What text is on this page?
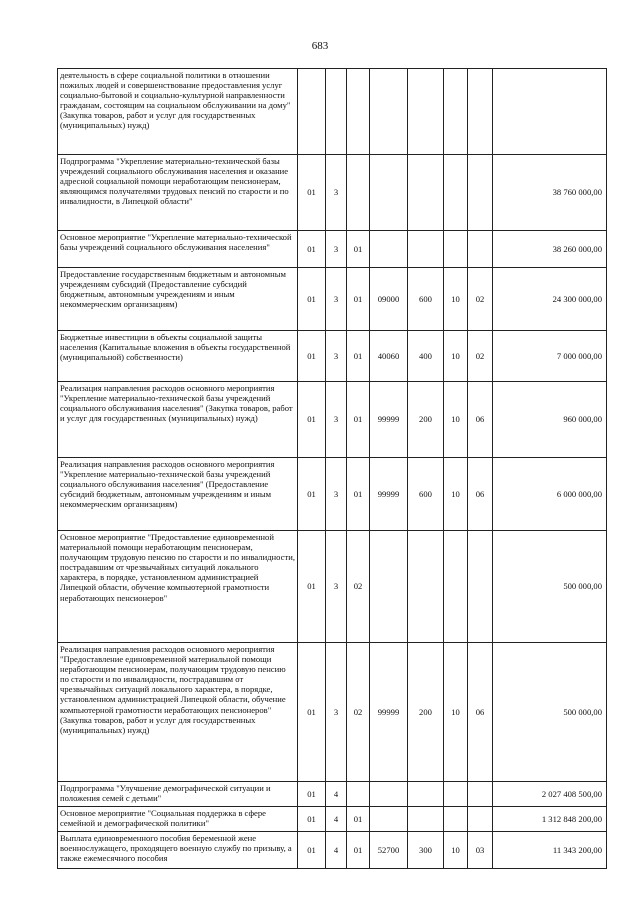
683
деятельность в сфере социальной политики в отношении пожилых людей и совершенствование предоставления услуг социально-бытовой и социально-культурной направленности гражданам, состоящим на социальном обслуживании на дому" (Закупка товаров, работ и услуг для государственных (муниципальных) нужд)								
Подпрограмма "Укрепление материально-технической базы учреждений социального обслуживания населения и оказание адресной социальной помощи неработающим пенсионерам, являющимся получателями трудовых пенсий по старости и по инвалидности, в Липецкой области"	01	3						38 760 000,00
Основное мероприятие "Укрепление материально-технической базы учреждений социального обслуживания населения"	01	3	01					38 260 000,00
Предоставление государственным бюджетным и автономным учреждениям субсидий (Предоставление субсидий бюджетным, автономным учреждениям и иным некоммерческим организациям)	01	3	01	09000	600	10	02	24 300 000,00
Бюджетные инвестиции в объекты социальной защиты населения (Капитальные вложения в объекты государственной (муниципальной) собственности)	01	3	01	40060	400	10	02	7 000 000,00
Реализация направления расходов основного мероприятия "Укрепление материально-технической базы учреждений социального обслуживания населения" (Закупка товаров, работ и услуг для государственных (муниципальных) нужд)	01	3	01	99999	200	10	06	960 000,00
Реализация направления расходов основного мероприятия "Укрепление материально-технической базы учреждений социального обслуживания населения" (Предоставление субсидий бюджетным, автономным учреждениям и иным некоммерческим организациям)	01	3	01	99999	600	10	06	6 000 000,00
Основное мероприятие "Предоставление единовременной материальной помощи неработающим пенсионерам, получающим трудовую пенсию по старости и по инвалидности, пострадавшим от чрезвычайных ситуаций локального характера, в порядке, установленном администрацией Липецкой области, обучение компьютерной грамотности неработающих пенсионеров"	01	3	02					500 000,00
Реализация направления расходов основного мероприятия "Предоставление единовременной материальной помощи неработающим пенсионерам, получающим трудовую пенсию по старости и по инвалидности, пострадавшим от чрезвычайных ситуаций локального характера, в порядке, установленном администрацией Липецкой области, обучение компьютерной грамотности неработающих пенсионеров" (Закупка товаров, работ и услуг для государственных (муниципальных) нужд)	01	3	02	99999	200	10	06	500 000,00
Подпрограмма "Улучшение демографической ситуации и положения семей с детьми"	01	4						2 027 408 500,00
Основное мероприятие "Социальная поддержка в сфере семейной и демографической политики"	01	4	01					1 312 848 200,00
Выплата единовременного пособия беременной жене военнослужащего, проходящего военную службу по призыву, а также ежемесячного пособия	01	4	01	52700	300	10	03	11 343 200,00
